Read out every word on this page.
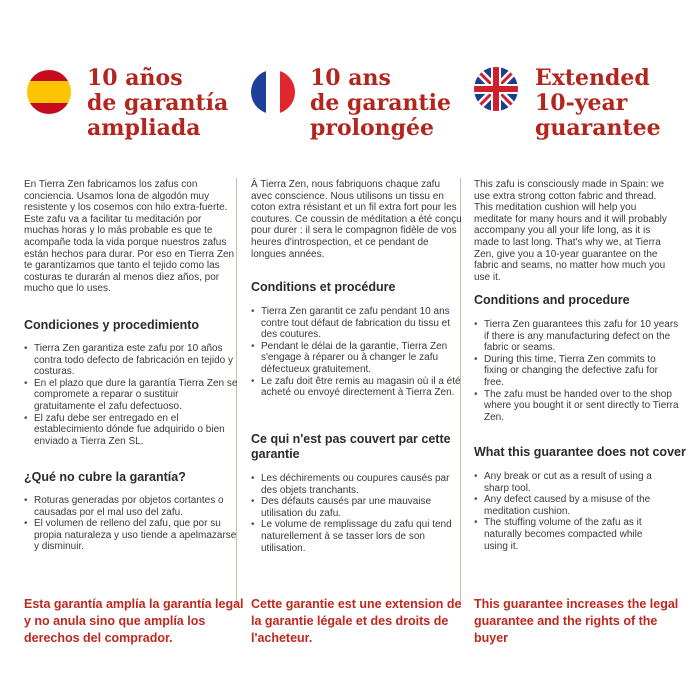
10 años
de garantía
ampliada

En Tierra Zen fabricamos los zafus con conciencia. Usamos lona de algodón muy resistente y los cosemos con hilo extra-fuerte. Este zafu va a facilitar tu meditación por muchas horas y lo más probable es que te acompañe toda la vida porque nuestros zafus están hechos para durar. Por eso en Tierra Zen te garantizamos que tanto el tejido como las costuras te durarán al menos diez años, por mucho que lo uses.

Condiciones y procedimiento
• Tierra Zen garantiza este zafu por 10 años contra todo defecto de fabricación en tejido y costuras.
• En el plazo que dure la garantía Tierra Zen se compromete a reparar o sustituir gratuitamente el zafu defectuoso.
• El zafu debe ser entregado en el establecimiento dónde fue adquirido o bien enviado a Tierra Zen SL.
¿Qué no cubre la garantía?
• Roturas generadas por objetos cortantes o causadas por el mal uso del zafu.
• El volumen de relleno del zafu, que por su propia naturaleza y uso tiende a apelmazarse y disminuir.

Esta garantía amplía la garantía legal y no anula sino que amplía los derechos del comprador.

10 ans
de garantie
prolongée

À Tierra Zen, nous fabriquons chaque zafu avec conscience. Nous utilisons un tissu en coton extra résistant et un fil extra fort pour les coutures. Ce coussin de méditation a été conçu pour durer : il sera le compagnon fidèle de vos heures d'introspection, et ce pendant de longues années.

Conditions et procédure
• Tierra Zen garantit ce zafu pendant 10 ans contre tout défaut de fabrication du tissu et des coutures.
• Pendant le délai de la garantie, Tierra Zen s'engage à réparer ou à changer le zafu défectueux gratuitement.
• Le zafu doit être remis au magasin où il a été acheté ou envoyé directement à Tierra Zen.
Ce qui n'est pas couvert par cette garantie
• Les déchirements ou coupures causés par des objets tranchants.
• Des défauts causés par une mauvaise utilisation du zafu.
• Le volume de remplissage du zafu qui tend naturellement à se tasser lors de son utilisation.

Cette garantie est une extension de la garantie légale et des droits de l'acheteur.

Extended
10-year
guarantee

This zafu is consciously made in Spain: we use extra strong cotton fabric and thread. This meditation cushion will help you meditate for many hours and it will probably accompany you all your life long, as it is made to last long. That's why we, at Tierra Zen, give you a 10-year guarantee on the fabric and seams, no matter how much you use it.

Conditions and procedure
• Tierra Zen guarantees this zafu for 10 years if there is any manufacturing defect on the fabric or seams.
• During this time, Tierra Zen commits to fixing or changing the defective zafu for free.
• The zafu must be handed over to the shop where you bought it or sent directly to Tierra Zen.
What this guarantee does not cover
• Any break or cut as a result of using a sharp tool.
• Any defect caused by a misuse of the meditation cushion.
• The stuffing volume of the zafu as it naturally becomes compacted while using it.

This guarantee increases the legal guarantee and the rights of the buyer
